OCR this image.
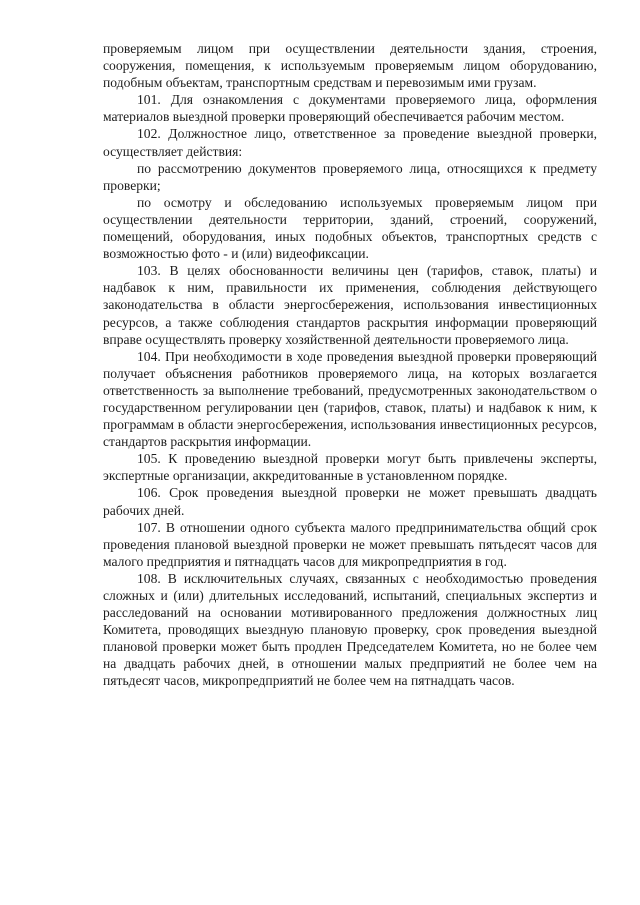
проверяемым лицом при осуществлении деятельности здания, строения, сооружения, помещения, к используемым проверяемым лицом оборудованию, подобным объектам, транспортным средствам и перевозимым ими грузам.

101. Для ознакомления с документами проверяемого лица, оформления материалов выездной проверки проверяющий обеспечивается рабочим местом.

102. Должностное лицо, ответственное за проведение выездной проверки, осуществляет действия:

по рассмотрению документов проверяемого лица, относящихся к предмету проверки;

по осмотру и обследованию используемых проверяемым лицом при осуществлении деятельности территории, зданий, строений, сооружений, помещений, оборудования, иных подобных объектов, транспортных средств с возможностью фото - и (или) видеофиксации.

103. В целях обоснованности величины цен (тарифов, ставок, платы) и надбавок к ним, правильности их применения, соблюдения действующего законодательства в области энергосбережения, использования инвестиционных ресурсов, а также соблюдения стандартов раскрытия информации проверяющий вправе осуществлять проверку хозяйственной деятельности проверяемого лица.

104. При необходимости в ходе проведения выездной проверки проверяющий получает объяснения работников проверяемого лица, на которых возлагается ответственность за выполнение требований, предусмотренных законодательством о государственном регулировании цен (тарифов, ставок, платы) и надбавок к ним, к программам в области энергосбережения, использования инвестиционных ресурсов, стандартов раскрытия информации.

105. К проведению выездной проверки могут быть привлечены эксперты, экспертные организации, аккредитованные в установленном порядке.

106. Срок проведения выездной проверки не может превышать двадцать рабочих дней.

107. В отношении одного субъекта малого предпринимательства общий срок проведения плановой выездной проверки не может превышать пятьдесят часов для малого предприятия и пятнадцать часов для микропредприятия в год.

108. В исключительных случаях, связанных с необходимостью проведения сложных и (или) длительных исследований, испытаний, специальных экспертиз и расследований на основании мотивированного предложения должностных лиц Комитета, проводящих выездную плановую проверку, срок проведения выездной плановой проверки может быть продлен Председателем Комитета, но не более чем на двадцать рабочих дней, в отношении малых предприятий не более чем на пятьдесят часов, микропредприятий не более чем на пятнадцать часов.
